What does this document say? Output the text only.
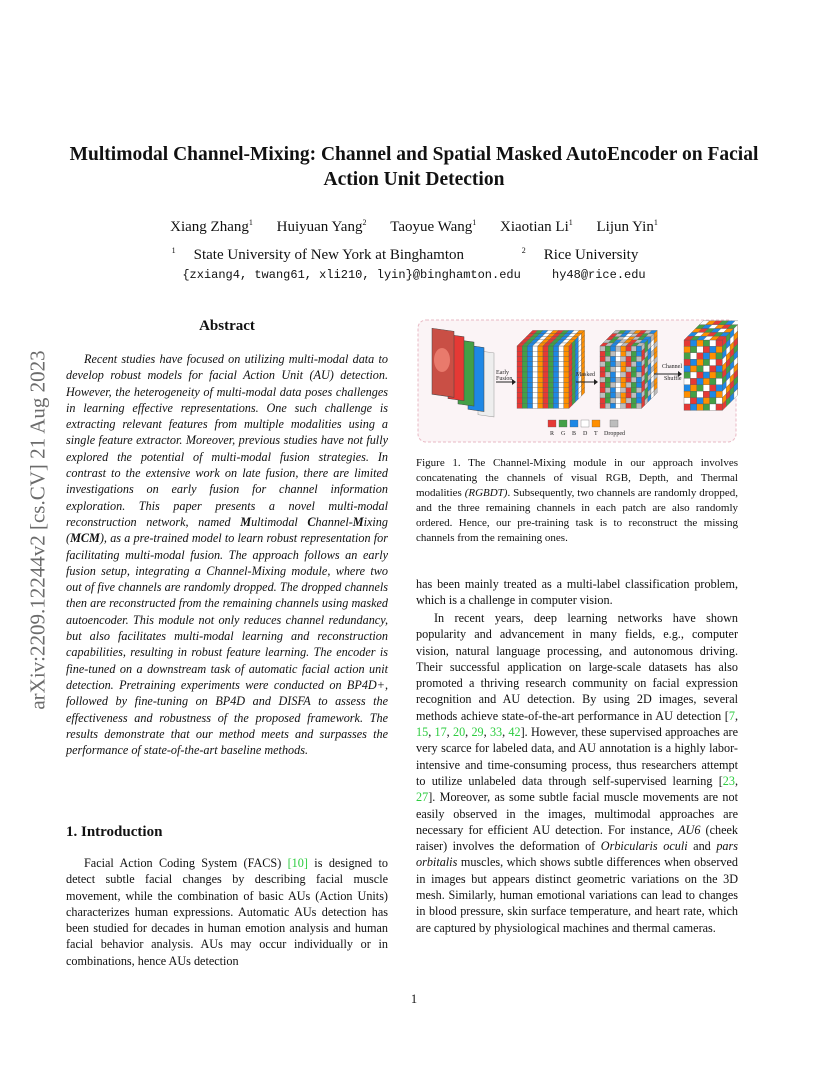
arXiv:2209.12244v2 [cs.CV] 21 Aug 2023
Multimodal Channel-Mixing: Channel and Spatial Masked AutoEncoder on Facial Action Unit Detection
Xiang Zhang$^1$ Huiyuan Yang$^2$ Taoyue Wang$^1$ Xiaotian Li$^1$ Lijun Yin$^1$
$^1$ State University of New York at Binghamton	$^2$ Rice University
{zxiang4, twang61, xli210, lyin}@binghamton.edu	hy48@rice.edu
Abstract
Recent studies have focused on utilizing multi-modal data to develop robust models for facial Action Unit (AU) detection. However, the heterogeneity of multi-modal data poses challenges in learning effective representations. One such challenge is extracting relevant features from multiple modalities using a single feature extractor. Moreover, previous studies have not fully explored the potential of multi-modal fusion strategies. In contrast to the extensive work on late fusion, there are limited investigations on early fusion for channel information exploration. This paper presents a novel multi-modal reconstruction network, named Multimodal Channel-Mixing (MCM), as a pre-trained model to learn robust representation for facilitating multi-modal fusion. The approach follows an early fusion setup, integrating a Channel-Mixing module, where two out of five channels are randomly dropped. The dropped channels then are reconstructed from the remaining channels using masked autoencoder. This module not only reduces channel redundancy, but also facilitates multi-modal learning and reconstruction capabilities, resulting in robust feature learning. The encoder is fine-tuned on a downstream task of automatic facial action unit detection. Pretraining experiments were conducted on BP4D+, followed by fine-tuning on BP4D and DISFA to assess the effectiveness and robustness of the proposed framework. The results demonstrate that our method meets and surpasses the performance of state-of-the-art baseline methods.
1. Introduction
Facial Action Coding System (FACS) [10] is designed to detect subtle facial changes by describing facial muscle movement, while the combination of basic AUs (Action Units) characterizes human expressions. Automatic AUs detection has been studied for decades in human emotion analysis and human facial behavior analysis. AUs may occur individually or in combinations, hence AUs detection
Early
Fusion
Masked
Channel
Shuffle
R G B D T Dropped
Figure 1. The Channel-Mixing module in our approach involves concatenating the channels of visual RGB, Depth, and Thermal modalities (RGBDT). Subsequently, two channels are randomly dropped, and the three remaining channels in each patch are also randomly ordered. Hence, our pre-training task is to reconstruct the missing channels from the remaining ones.
has been mainly treated as a multi-label classification problem, which is a challenge in computer vision.
In recent years, deep learning networks have shown popularity and advancement in many fields, e.g., computer vision, natural language processing, and autonomous driving. Their successful application on large-scale datasets has also promoted a thriving research community on facial expression recognition and AU detection. By using 2D images, several methods achieve state-of-the-art performance in AU detection [7, 15, 17, 20, 29, 33, 42]. However, these supervised approaches are very scarce for labeled data, and AU annotation is a highly labor-intensive and time-consuming process, thus researchers attempt to utilize unlabeled data through self-supervised learning [23, 27]. Moreover, as some subtle facial muscle movements are not easily observed in the images, multimodal approaches are necessary for efficient AU detection. For instance, AU6 (cheek raiser) involves the deformation of Orbicularis oculi and pars orbitalis muscles, which shows subtle differences when observed in images but appears distinct geometric variations on the 3D mesh. Similarly, human emotional variations can lead to changes in blood pressure, skin surface temperature, and heart rate, which are captured by physiological machines and thermal cameras.
1
